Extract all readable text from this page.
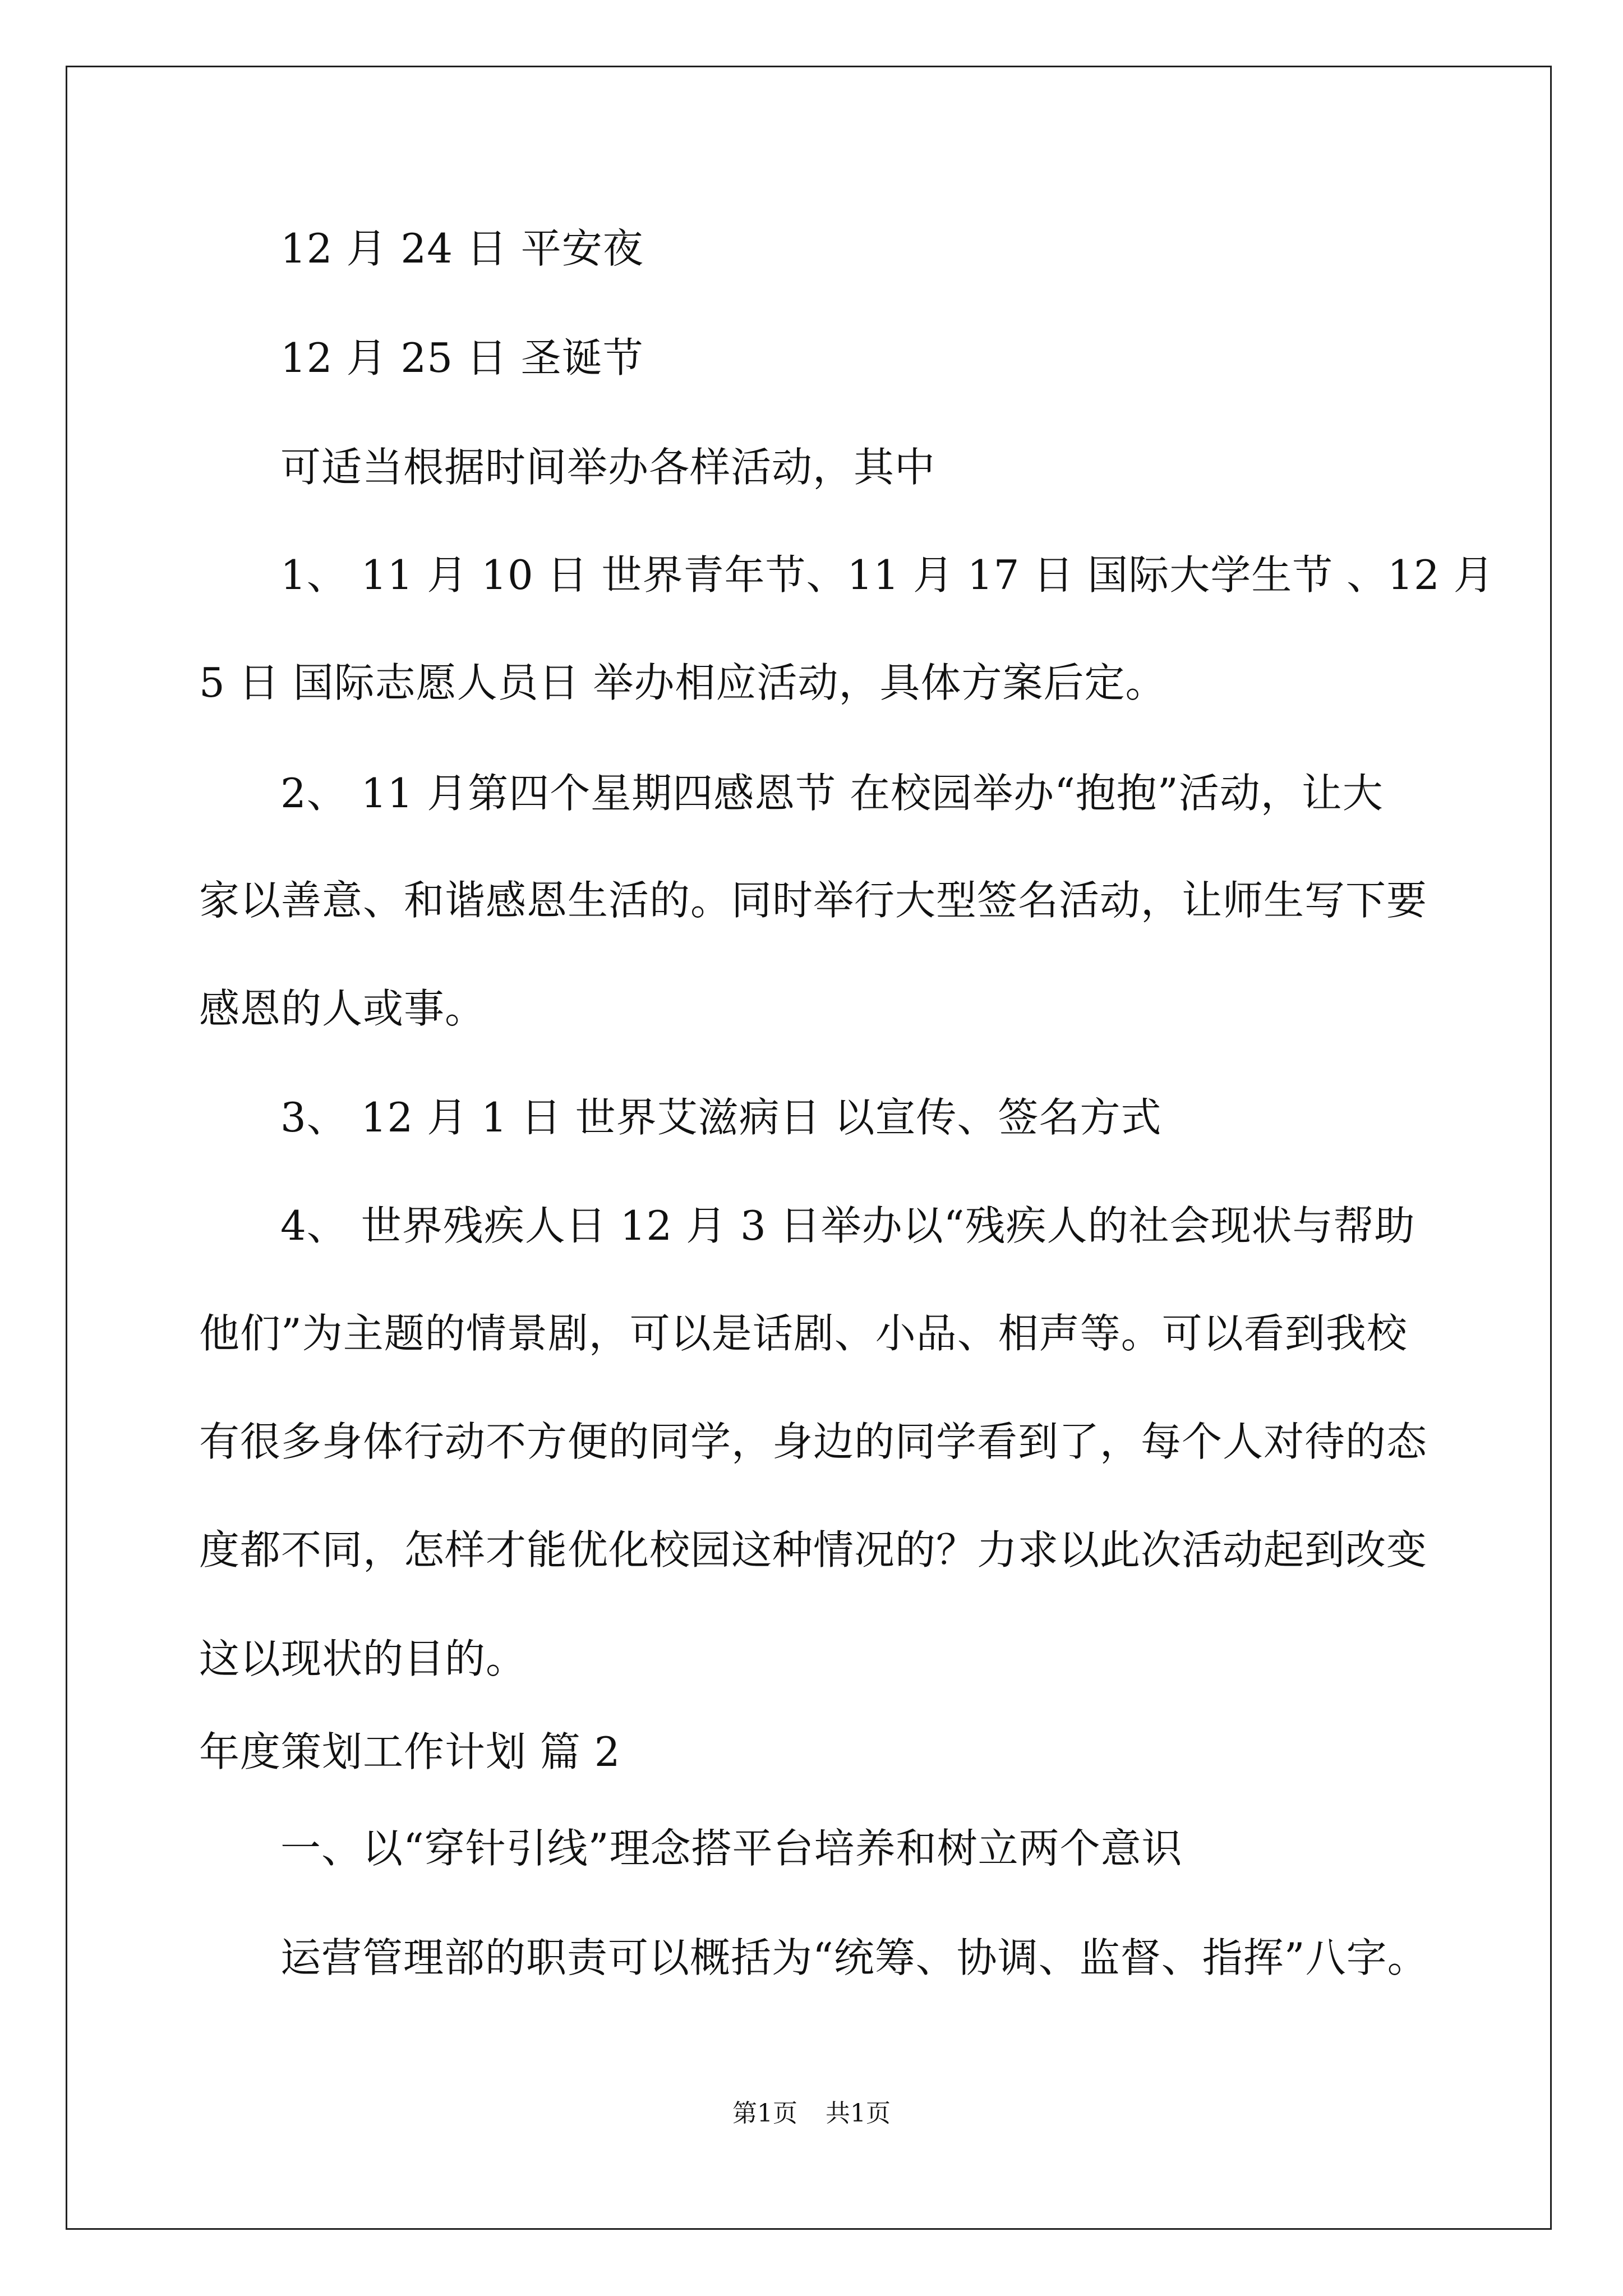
12 月 24 日 平安夜
12 月 25 日 圣诞节
可适当根据时间举办各样活动，其中
1、 11 月 10 日 世界青年节、11 月 17 日 国际大学生节 、12 月
5 日 国际志愿人员日 举办相应活动，具体方案后定。
2、 11 月第四个星期四感恩节 在校园举办“抱抱”活动，让大
家以善意、和谐感恩生活的。同时举行大型签名活动，让师生写下要
感恩的人或事。
3、 12 月 1 日 世界艾滋病日 以宣传、签名方式
4、 世界残疾人日 12 月 3 日举办以“残疾人的社会现状与帮助
他们”为主题的情景剧，可以是话剧、小品、相声等。可以看到我校
有很多身体行动不方便的同学，身边的同学看到了，每个人对待的态
度都不同，怎样才能优化校园这种情况的？力求以此次活动起到改变
这以现状的目的。
年度策划工作计划 篇 2
一、以“穿针引线”理念搭平台培养和树立两个意识
运营管理部的职责可以概括为“统筹、协调、监督、指挥”八字。
第1页 共1页
